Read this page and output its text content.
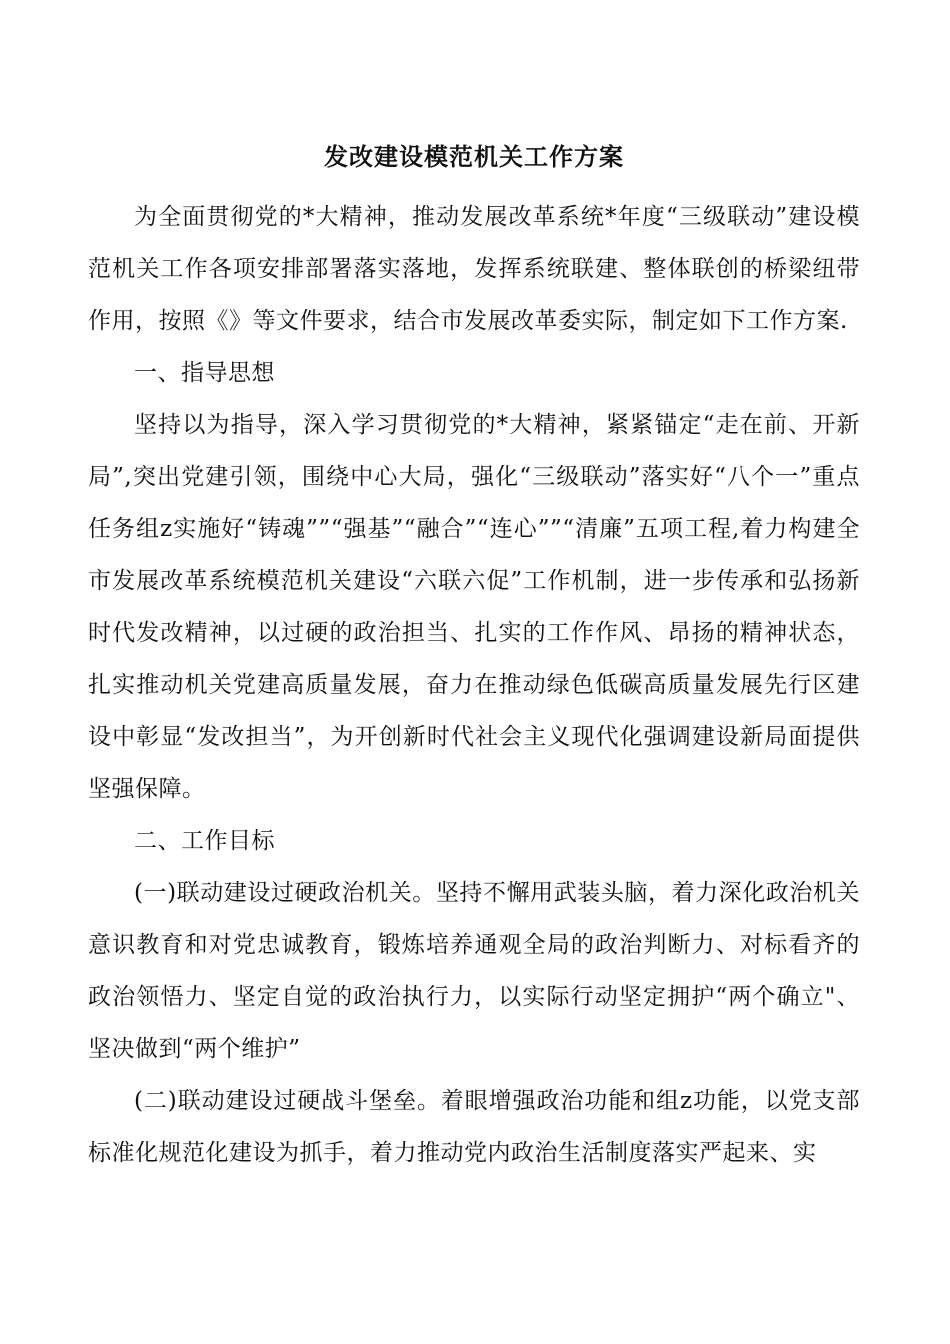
发改建设模范机关工作方案

为全面贯彻党的*大精神，推动发展改革系统*年度“三级联动”建设模范机关工作各项安排部署落实落地，发挥系统联建、整体联创的桥梁纽带作用，按照《》等文件要求，结合市发展改革委实际，制定如下工作方案.

一、指导思想

坚持以为指导，深入学习贯彻党的*大精神，紧紧锚定“走在前、开新局”,突出党建引领，围绕中心大局，强化“三级联动”落实好“八个一”重点任务组z实施好“铸魂””“强基”“融合”“连心””“清廉”五项工程,着力构建全市发展改革系统模范机关建设“六联六促”工作机制，进一步传承和弘扬新时代发改精神，以过硬的政治担当、扎实的工作作风、昂扬的精神状态，扎实推动机关党建高质量发展，奋力在推动绿色低碳高质量发展先行区建设中彰显“发改担当”，为开创新时代社会主义现代化强调建设新局面提供坚强保障。

二、工作目标

(一)联动建设过硬政治机关。坚持不懈用武装头脑，着力深化政治机关意识教育和对党忠诚教育，锻炼培养通观全局的政治判断力、对标看齐的政治领悟力、坚定自觉的政治执行力，以实际行动坚定拥护“两个确立"、坚决做到“两个维护”

(二)联动建设过硬战斗堡垒。着眼增强政治功能和组z功能，以党支部标准化规范化建设为抓手，着力推动党内政治生活制度落实严起来、实
